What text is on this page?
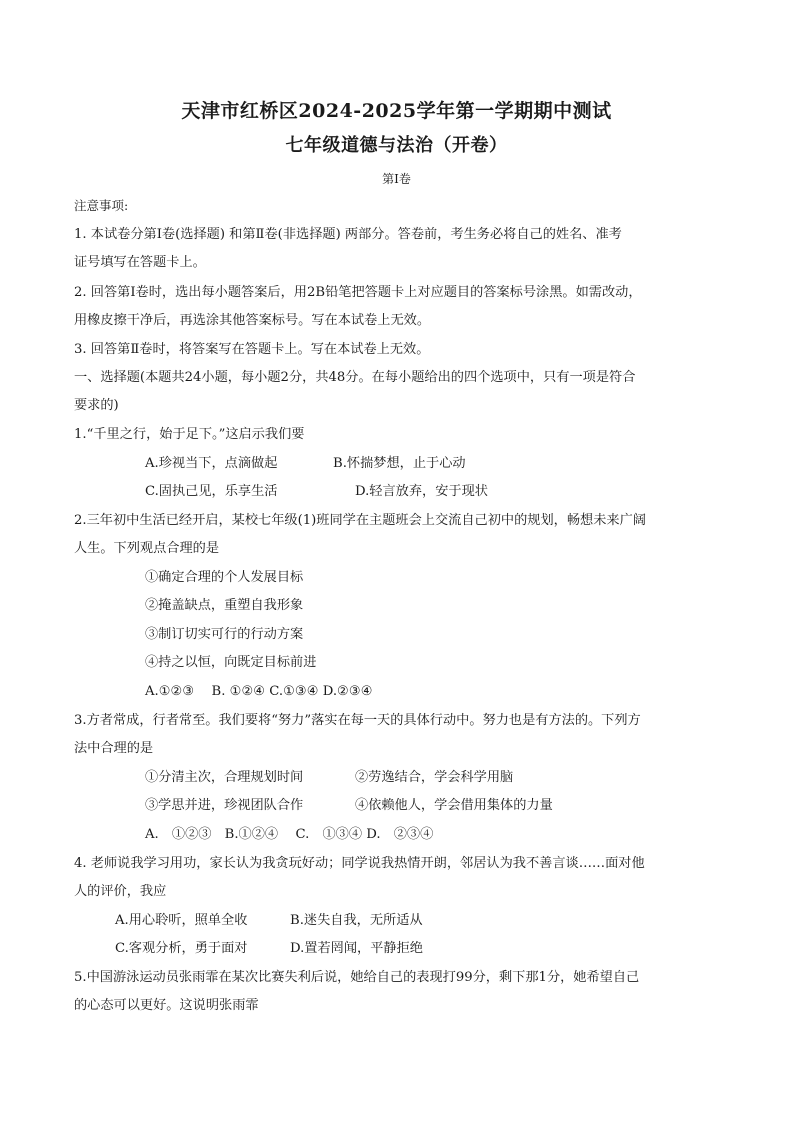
天津市红桥区2024-2025学年第一学期期中测试
七年级道德与法治（开卷）
第Ⅰ卷
注意事项:
1. 本试卷分第Ⅰ卷(选择题) 和第Ⅱ卷(非选择题) 两部分。答卷前，考生务必将自己的姓名、准考
证号填写在答题卡上。
2. 回答第Ⅰ卷时，选出每小题答案后，用2B铅笔把答题卡上对应题目的答案标号涂黑。如需改动，
用橡皮擦干净后，再选涂其他答案标号。写在本试卷上无效。
3. 回答第Ⅱ卷时，将答案写在答题卡上。写在本试卷上无效。
一、选择题(本题共24小题，每小题2分，共48分。在每小题给出的四个选项中，只有一项是符合
要求的)
1.“千里之行，始于足下。”这启示我们要
A.珍视当下，点滴做起	B.怀揣梦想，止于心动
C.固执己见，乐享生活	D.轻言放弃，安于现状
2.三年初中生活已经开启，某校七年级(1)班同学在主题班会上交流自己初中的规划，畅想未来广阔
人生。下列观点合理的是
①确定合理的个人发展目标
②掩盖缺点，重塑自我形象
③制订切实可行的行动方案
④持之以恒，向既定目标前进
A.①②③　 B. ①②④ C.①③④ D.②③④
3.方者常成，行者常至。我们要将“努力”落实在每一天的具体行动中。努力也是有方法的。下列方
法中合理的是
①分清主次，合理规划时间	②劳逸结合，学会科学用脑
③学思并进，珍视团队合作	④依赖他人，学会借用集体的力量
A.　①②③　B.①②④　 C.　①③④ D.　②③④
4. 老师说我学习用功，家长认为我贪玩好动；同学说我热情开朗，邻居认为我不善言谈……面对他
人的评价，我应
A.用心聆听，照单全收	B.迷失自我，无所适从
C.客观分析，勇于面对	D.置若罔闻，平静拒绝
5.中国游泳运动员张雨霏在某次比赛失利后说，她给自己的表现打99分，剩下那1分，她希望自己
的心态可以更好。这说明张雨霏
